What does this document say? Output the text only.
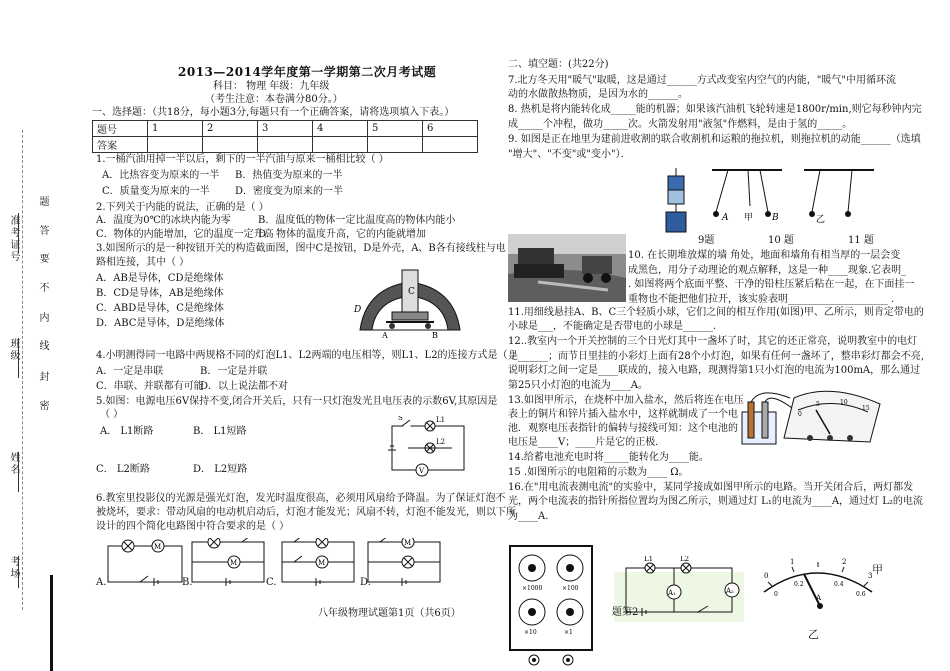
准考证号
班级
姓名
考场
题
答
要
不
内
线
封
密
2013—2014学年度第一学期第二次月考试题
科目： 物理 年级：九年级
（考生注意：本卷满分80分。）
一、选择题：（共18分，每小题3分,每题只有一个正确答案，请将选项填入下表。）
题号	1	2	3	4	5	6
答案						
1.一桶汽油用掉一半以后，剩下的一半汽油与原来一桶相比较（ ）
A．比热容变为原来的一半 B．热值变为原来的一半
C．质量变为原来的一半	D．密度变为原来的一半
2.下列关于内能的说法，正确的是（ ）
A．温度为0℃的冰块内能为零	B．温度低的物体一定比温度高的物体内能小
C．物体的内能增加，它的温度一定升高
D．物体的温度升高，它的内能就增加
3.如图所示的是一种按钮开关的构造截面图，图中C是按钮，D是外壳，A、B各有接线柱与电
路相连接，其中（ ）
A．AB是导体，CD是绝缘体
B．CD是导体，AB是绝缘体
C．ABD是导体，C是绝缘体
D．ABC是导体，D是绝缘体
C
D
A	B
4.小明测得同一电路中两规格不同的灯泡L1、L2两端的电压相等，则L1、L2的连接方式是（ ）
A．一定是串联	B．一定是并联
C．串联、并联都有可能
D．以上说法都不对
5.如图：电源电压6V保持不变,闭合开关后，只有一只灯泡发光且电压表的示数6V,其原因是
（ ）
A． L1断路	B． L1短路
C． L2断路	D． L2短路
S	L1
L2
V
6.教室里投影仪的光源是强光灯泡，发光时温度很高，必须用风扇给予降温。为了保证灯泡不
被烧坏，要求：带动风扇的电动机启动后，灯泡才能发光；风扇不转，灯泡不能发光，则以下所
设计的四个简化电路图中符合要求的是（ ）
M
M	M
M
A.	B.	C.	D.
八年级物理试题第1页（共6页）
二、填空题：(共22分)
7.北方冬天用"暖气"取暖，这是通过______方式改变室内空气的内能，"暖气"中用循环流
动的水做散热物质，是因为水的______。
8. 热机是将内能转化成_____能的机器；如果该汽油机飞轮转速是1800r/min,则它每秒钟内完
成_____个冲程，做功_____次。火箭发射用"液氢"作燃料，是由于氢的_____。
9. 如图是正在地里为建前进收割的联合收割机和运粮的拖拉机，则拖拉机的动能______（选填
"增大"、"不变"或"变小"）．
A 甲 B	乙
9题	10 题	11 题
10. 在长期堆放煤的墙 角处，地面和墙角有相当厚的一层会变
成黑色，用分子动理论的观点解释，这是一种____现象.它表明_
. 如图将两个底面平整、干净的铅柱压紧后粘在一起，在下面挂一
重物也不能把他们拉开，该实验表明____________________ .
11.用细线悬挂A、B、C三个轻质小球，它们之间的相互作用(如图)甲、乙所示，则肯定带电的
小球是___，不能确定是否带电的小球是______.
12..教室内一个开关控制的三个日光灯其中一盏坏了时，其它的还正常亮，说明教室中的电灯
是______；而节日里挂的小彩灯上面有28个小灯泡，如果有任何一盏坏了，整串彩灯都会不亮,
说明彩灯之间一定是____联成的，接入电路，现测得第1只小灯泡的电流为100mA，那么通过
第25只小灯泡的电流为____A。
13.如图甲所示，在烧杯中加入盐水，然后将连在电压
表上的铜片和锌片插入盐水中，这样就制成了一个电
池．观察电压表指针的偏转与接线可知：这个电池的
电压是____V；____片是它的正极．
0
5	10
15
14.给蓄电池充电时将_____能转化为____能。
15 .如图所示的电阻箱的示数为____ Ω。
16.在"用电流表测电流"的实验中，某同学接成如图甲所示的电路。当开关闭合后，两灯都发
光，两个电流表的指针所指位置均为图乙所示，则通过灯 L₁的电流为____A，通过灯 L₂的电流
为____A.
×1000	×100
×10	×1
A₁	A₂
L1	L2
题第2
0
1	2
3
0
0.2	0.4
0.6
A
甲
乙
